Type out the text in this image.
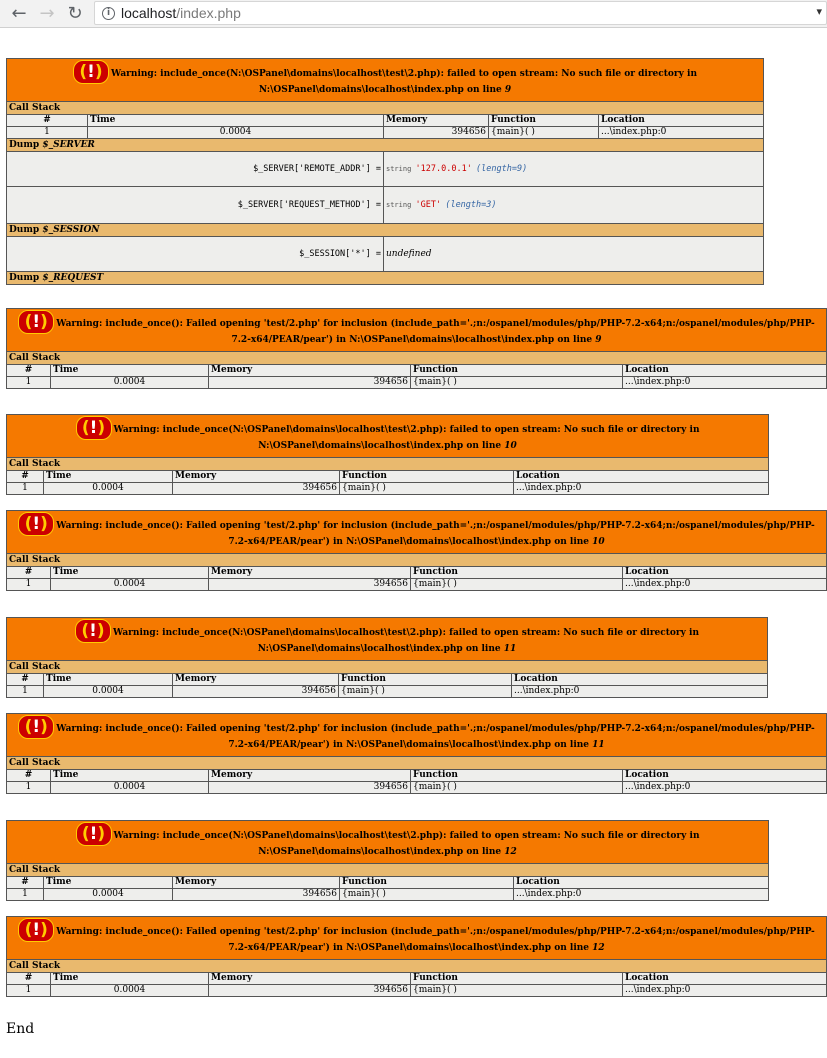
← → ↻	i localhost/index.php	▾
(!) Warning: include_once(N:\OSPanel\domains\localhost\test\2.php): failed to open stream: No such file or directory in N:\OSPanel\domains\localhost\index.php on line 9				
Call Stack				
#	Time	Memory	Function	Location
1	0.0004	394656	{main}( )	...\index.php:0
Dump $_SERVER				
$_SERVER['REMOTE_ADDR'] =		string '127.0.0.1' (length=9)		
$_SERVER['REQUEST_METHOD'] =		string 'GET' (length=3)		
Dump $_SESSION				
$_SESSION['*'] =		undefined		
Dump $_REQUEST				
(!) Warning: include_once(): Failed opening 'test/2.php' for inclusion (include_path='.;n:/ospanel/modules/php/PHP-7.2-x64;n:/ospanel/modules/php/PHP-7.2-x64/PEAR/pear') in N:\OSPanel\domains\localhost\index.php on line 9				
Call Stack				
#	Time	Memory	Function	Location
1	0.0004	394656	{main}( )	...\index.php:0
(!) Warning: include_once(N:\OSPanel\domains\localhost\test\2.php): failed to open stream: No such file or directory in N:\OSPanel\domains\localhost\index.php on line 10				
Call Stack				
#	Time	Memory	Function	Location
1	0.0004	394656	{main}( )	...\index.php:0
(!) Warning: include_once(): Failed opening 'test/2.php' for inclusion (include_path='.;n:/ospanel/modules/php/PHP-7.2-x64;n:/ospanel/modules/php/PHP-7.2-x64/PEAR/pear') in N:\OSPanel\domains\localhost\index.php on line 10				
Call Stack				
#	Time	Memory	Function	Location
1	0.0004	394656	{main}( )	...\index.php:0
(!) Warning: include_once(N:\OSPanel\domains\localhost\test\2.php): failed to open stream: No such file or directory in N:\OSPanel\domains\localhost\index.php on line 11				
Call Stack				
#	Time	Memory	Function	Location
1	0.0004	394656	{main}( )	...\index.php:0
(!) Warning: include_once(): Failed opening 'test/2.php' for inclusion (include_path='.;n:/ospanel/modules/php/PHP-7.2-x64;n:/ospanel/modules/php/PHP-7.2-x64/PEAR/pear') in N:\OSPanel\domains\localhost\index.php on line 11				
Call Stack				
#	Time	Memory	Function	Location
1	0.0004	394656	{main}( )	...\index.php:0
(!) Warning: include_once(N:\OSPanel\domains\localhost\test\2.php): failed to open stream: No such file or directory in N:\OSPanel\domains\localhost\index.php on line 12				
Call Stack				
#	Time	Memory	Function	Location
1	0.0004	394656	{main}( )	...\index.php:0
(!) Warning: include_once(): Failed opening 'test/2.php' for inclusion (include_path='.;n:/ospanel/modules/php/PHP-7.2-x64;n:/ospanel/modules/php/PHP-7.2-x64/PEAR/pear') in N:\OSPanel\domains\localhost\index.php on line 12				
Call Stack				
#	Time	Memory	Function	Location
1	0.0004	394656	{main}( )	...\index.php:0
End
